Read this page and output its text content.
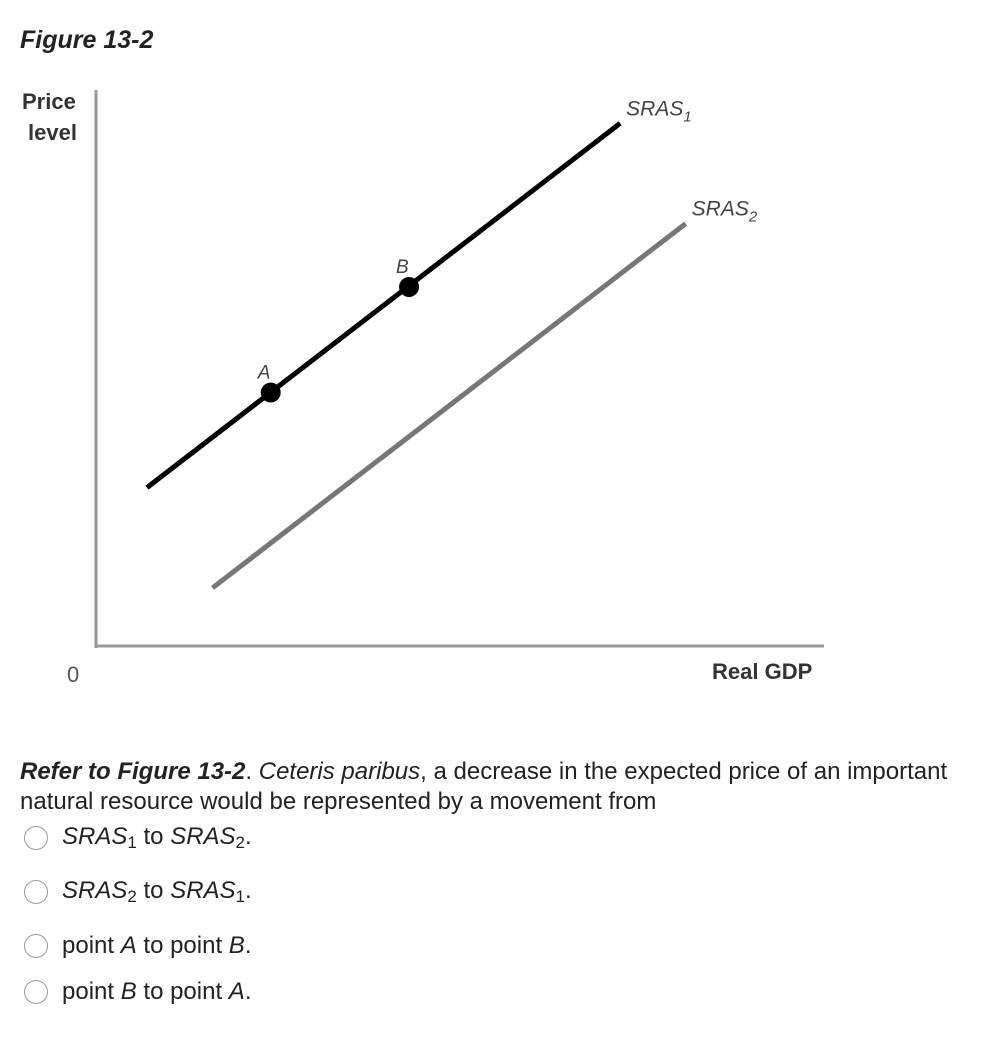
Figure 13-2
Price
level
0	Real GDP
$SRAS_1$
$SRAS_2$
A
B
Refer to Figure 13-2. Ceteris paribus, a decrease in the expected price of an important natural resource would be represented by a movement from
$SRAS_1$ to $SRAS_2$.
$SRAS_2$ to $SRAS_1$.
point A to point B.
point B to point A.
